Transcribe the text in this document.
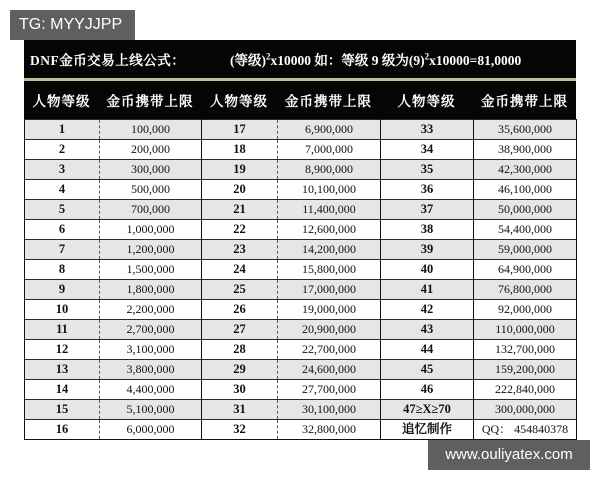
TG: MYYJJPP
DNF金币交易上线公式：	(等级)$^2$x10000 如：等级 9 级为$(9)^2x10000=81,0000$
人物等级	金币携带上限	人物等级	金币携带上限	人物等级	金币携带上限
1	100,000	17	6,900,000	33	35,600,000
2	200,000	18	7,000,000	34	38,900,000
3	300,000	19	8,900,000	35	42,300,000
4	500,000	20	10,100,000	36	46,100,000
5	700,000	21	11,400,000	37	50,000,000
6	1,000,000	22	12,600,000	38	54,400,000
7	1,200,000	23	14,200,000	39	59,000,000
8	1,500,000	24	15,800,000	40	64,900,000
9	1,800,000	25	17,000,000	41	76,800,000
10	2,200,000	26	19,000,000	42	92,000,000
11	2,700,000	27	20,900,000	43	110,000,000
12	3,100,000	28	22,700,000	44	132,700,000
13	3,800,000	29	24,600,000	45	159,200,000
14	4,400,000	30	27,700,000	46	222,840,000
15	5,100,000	31	30,100,000	47≥X≥70	300,000,000
16	6,000,000	32	32,800,000	追忆制作	QQ： 454840378
www.ouliyatex.com
